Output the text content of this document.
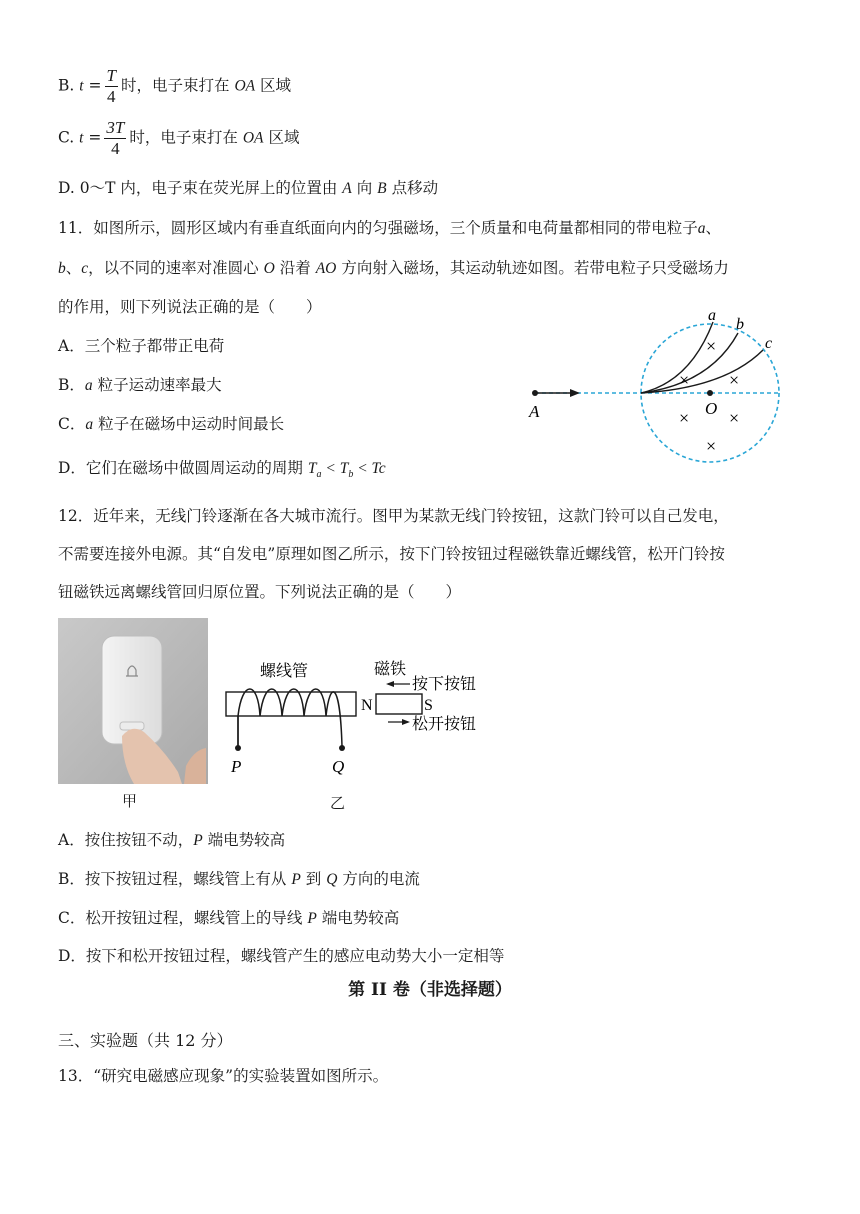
B. $t = \frac{T}{4}$ 时，电子束打在 OA 区域
C. $t = \frac{3T}{4}$ 时，电子束打在 OA 区域
D. 0～T 内，电子束在荧光屏上的位置由 A 向 B 点移动
11．如图所示，圆形区域内有垂直纸面向内的匀强磁场，三个质量和电荷量都相同的带电粒子a、
b、c，以不同的速率对准圆心 O 沿着 AO 方向射入磁场，其运动轨迹如图。若带电粒子只受磁场力
的作用，则下列说法正确的是（　　）
A．三个粒子都带正电荷
B．a 粒子运动速率最大
C．a 粒子在磁场中运动时间最长
D．它们在磁场中做圆周运动的周期 $T_a < T_b < Tc$
A	O
a
b
c
×
× ×
× ×
×
12．近年来，无线门铃逐渐在各大城市流行。图甲为某款无线门铃按钮，这款门铃可以自己发电，
不需要连接外电源。其“自发电”原理如图乙所示，按下门铃按钮过程磁铁靠近螺线管，松开门铃按
钮磁铁远离螺线管回归原位置。下列说法正确的是（　　）
甲
螺线管
P	Q
磁铁
N	S
按下按钮
松开按钮
乙
A．按住按钮不动，P 端电势较高
B．按下按钮过程，螺线管上有从 P 到 Q 方向的电流
C．松开按钮过程，螺线管上的导线 P 端电势较高
D．按下和松开按钮过程，螺线管产生的感应电动势大小一定相等
第 II 卷（非选择题）
三、实验题（共 12 分）
13．“研究电磁感应现象”的实验装置如图所示。
